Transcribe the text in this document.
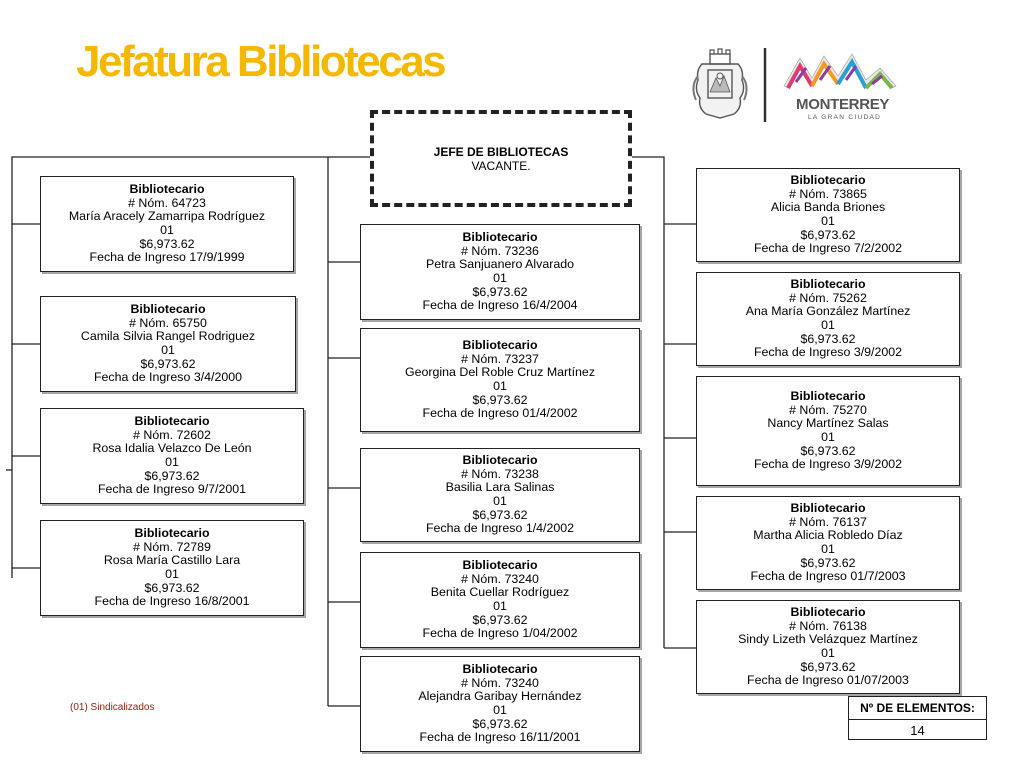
Jefatura Bibliotecas
MONTERREY
LA GRAN CIUDAD
JEFE DE BIBLIOTECAS
VACANTE.
Bibliotecario
# Nóm. 64723
María Aracely Zamarripa Rodríguez
01
$6,973.62
Fecha de Ingreso 17/9/1999
Bibliotecario
# Nóm. 65750
Camila Silvia Rangel Rodriguez
01
$6,973.62
Fecha de Ingreso 3/4/2000
Bibliotecario
# Nóm. 72602
Rosa Idalia Velazco De León
01
$6,973.62
Fecha de Ingreso 9/7/2001
Bibliotecario
# Nóm. 72789
Rosa María Castillo Lara
01
$6,973.62
Fecha de Ingreso 16/8/2001
Bibliotecario
# Nóm. 73236
Petra Sanjuanero Alvarado
01
$6,973.62
Fecha de Ingreso 16/4/2004
Bibliotecario
# Nóm. 73237
Georgina Del Roble Cruz Martínez
01
$6,973.62
Fecha de Ingreso 01/4/2002
Bibliotecario
# Nóm. 73238
Basilia Lara Salinas
01
$6,973.62
Fecha de Ingreso 1/4/2002
Bibliotecario
# Nóm. 73240
Benita Cuellar Rodríguez
01
$6,973.62
Fecha de Ingreso 1/04/2002
Bibliotecario
# Nóm. 73240
Alejandra Garibay Hernández
01
$6,973.62
Fecha de Ingreso 16/11/2001
Bibliotecario
# Nóm. 73865
Alicia Banda Briones
01
$6,973.62
Fecha de Ingreso 7/2/2002
Bibliotecario
# Nóm. 75262
Ana María González Martínez
01
$6,973.62
Fecha de Ingreso 3/9/2002
Bibliotecario
# Nóm. 75270
Nancy Martínez Salas
01
$6,973.62
Fecha de Ingreso 3/9/2002
Bibliotecario
# Nóm. 76137
Martha Alicia Robledo Díaz
01
$6,973.62
Fecha de Ingreso 01/7/2003
Bibliotecario
# Nóm. 76138
Sindy Lizeth Velázquez Martínez
01
$6,973.62
Fecha de Ingreso 01/07/2003
(01) Sindicalizados	Nº DE ELEMENTOS:
14
